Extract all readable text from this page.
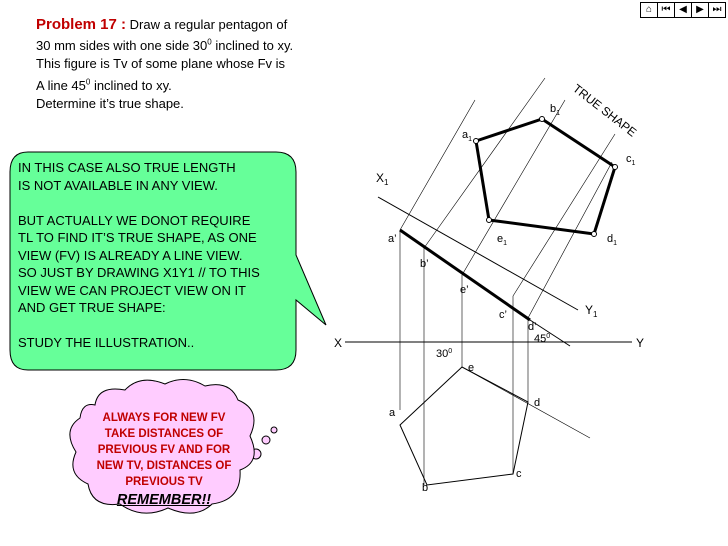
⌂ ⏮ ◀ ▶ ⏭
Problem 17 : Draw a regular pentagon of
30 mm sides with one side $30^0$ inclined to xy.
This figure is Tv of some plane whose Fv is
A line $45^0$ inclined to xy.
Determine it’s true shape.
X	Y
$X_1$
$Y_1$
$30^0$
$45^0$
a
b
c
d
e
a’
b’
c’
d’
e’
$a_1$
$b_1$
$c_1$
$d_1$
$e_1$
TRUE SHAPE
IN THIS CASE ALSO TRUE LENGTH
IS NOT AVAILABLE IN ANY VIEW.

BUT ACTUALLY WE DONOT REQUIRE
TL TO FIND IT’S TRUE SHAPE, AS ONE
VIEW (FV) IS ALREADY A LINE VIEW.
SO JUST BY DRAWING X1Y1 // TO THIS
VIEW WE CAN PROJECT VIEW ON IT
AND GET TRUE SHAPE:

STUDY THE ILLUSTRATION..
ALWAYS FOR NEW FV TAKE DISTANCES OF PREVIOUS FV AND FOR NEW TV, DISTANCES OF PREVIOUS TV
REMEMBER!!
